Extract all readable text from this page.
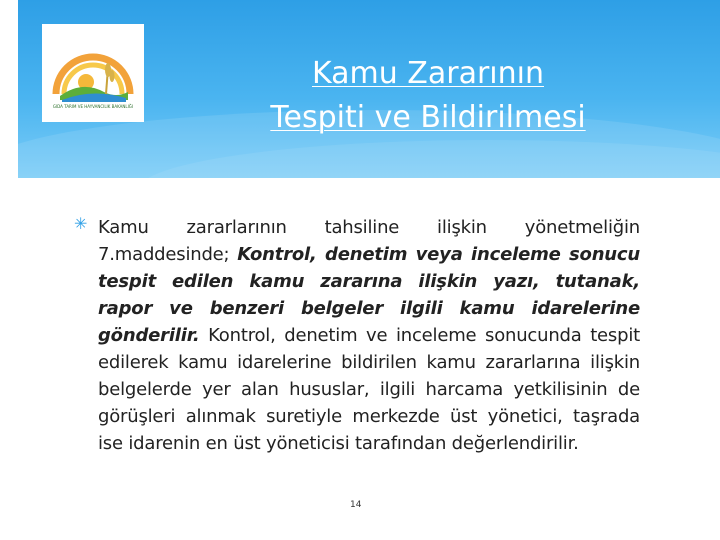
GIDA TARIM VE HAYVANCILIK BAKANLIĞI
Kamu Zararının
Tespiti ve Bildirilmesi
✳ Kamu zararlarının tahsiline ilişkin yönetmeliğin 7.maddesinde; Kontrol, denetim veya inceleme sonucu tespit edilen kamu zararına ilişkin yazı, tutanak, rapor ve benzeri belgeler ilgili kamu idarelerine gönderilir. Kontrol, denetim ve inceleme sonucunda tespit edilerek kamu idarelerine bildirilen kamu zararlarına ilişkin belgelerde yer alan hususlar, ilgili harcama yetkilisinin de görüşleri alınmak suretiyle merkezde üst yönetici, taşrada ise idarenin en üst yöneticisi tarafından değerlendirilir.

14
